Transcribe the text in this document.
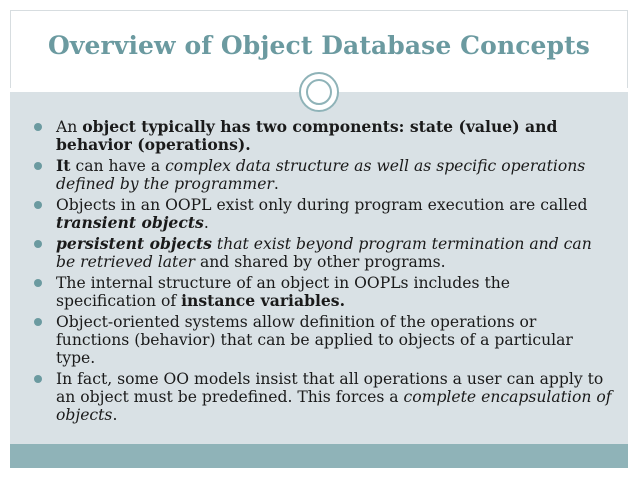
Overview of Object Database Concepts
An object typically has two components: state (value) and behavior (operations).
It can have a complex data structure as well as specific operations defined by the programmer.
Objects in an OOPL exist only during program execution are called transient objects.
persistent objects that exist beyond program termination and can be retrieved later and shared by other programs.
The internal structure of an object in OOPLs includes the specification of instance variables.
Object-oriented systems allow definition of the operations or functions (behavior) that can be applied to objects of a particular type.
In fact, some OO models insist that all operations a user can apply to an object must be predefined. This forces a complete encapsulation of objects.
